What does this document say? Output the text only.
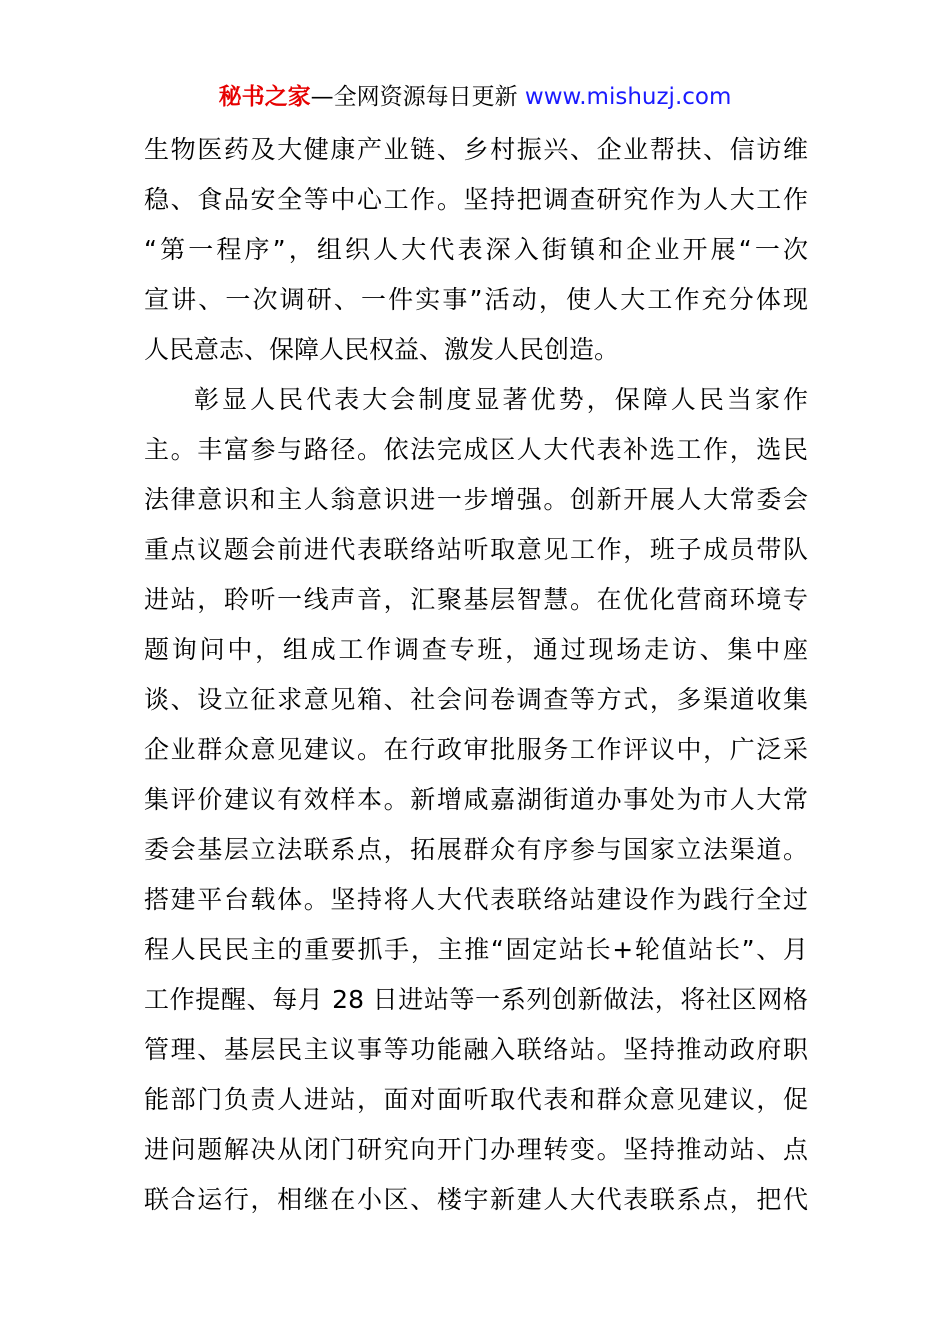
秘书之家—全网资源每日更新 www.mishuzj.com
生物医药及大健康产业链、乡村振兴、企业帮扶、信访维
稳、食品安全等中心工作。坚持把调查研究作为人大工作
“第一程序”，组织人大代表深入街镇和企业开展“一次
宣讲、一次调研、一件实事”活动，使人大工作充分体现
人民意志、保障人民权益、激发人民创造。
彰显人民代表大会制度显著优势，保障人民当家作
主。丰富参与路径。依法完成区人大代表补选工作，选民
法律意识和主人翁意识进一步增强。创新开展人大常委会
重点议题会前进代表联络站听取意见工作，班子成员带队
进站，聆听一线声音，汇聚基层智慧。在优化营商环境专
题询问中，组成工作调查专班，通过现场走访、集中座
谈、设立征求意见箱、社会问卷调查等方式，多渠道收集
企业群众意见建议。在行政审批服务工作评议中，广泛采
集评价建议有效样本。新增咸嘉湖街道办事处为市人大常
委会基层立法联系点，拓展群众有序参与国家立法渠道。
搭建平台载体。坚持将人大代表联络站建设作为践行全过
程人民民主的重要抓手，主推“固定站长+轮值站长”、月
工作提醒、每月 28 日进站等一系列创新做法，将社区网格
管理、基层民主议事等功能融入联络站。坚持推动政府职
能部门负责人进站，面对面听取代表和群众意见建议，促
进问题解决从闭门研究向开门办理转变。坚持推动站、点
联合运行，相继在小区、楼宇新建人大代表联系点，把代
